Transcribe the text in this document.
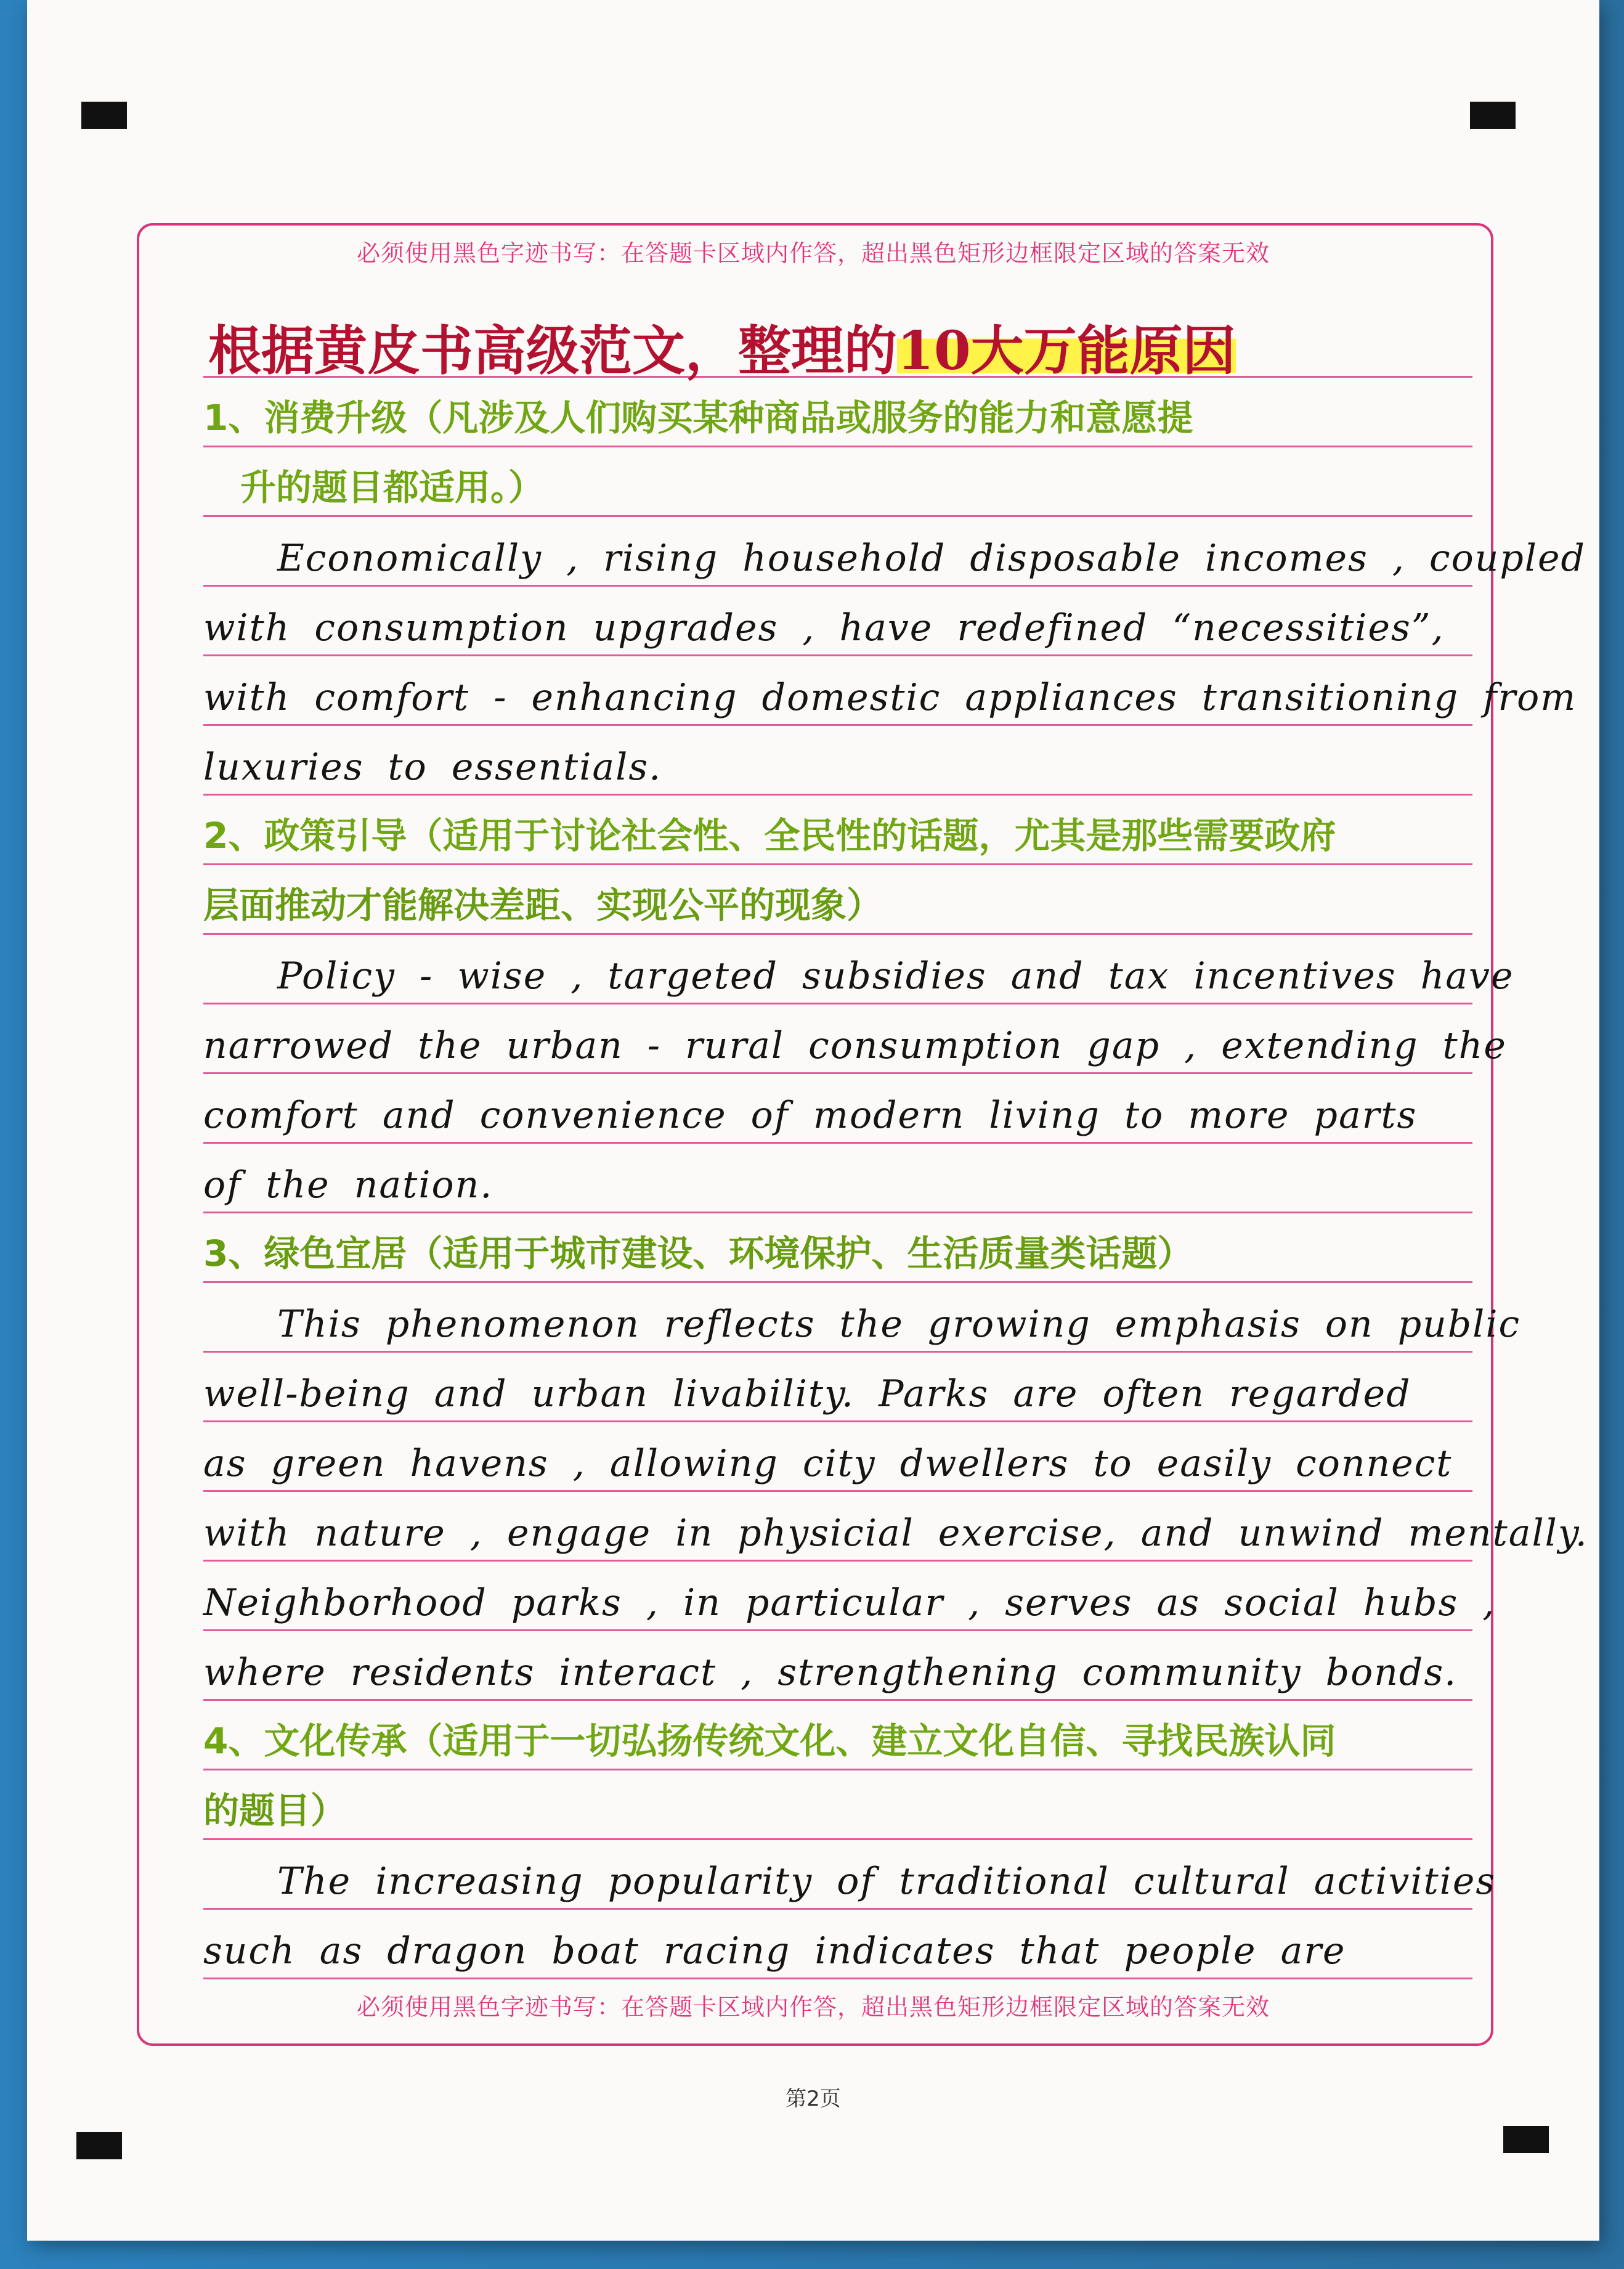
必须使用黑色字迹书写：在答题卡区域内作答，超出黑色矩形边框限定区域的答案无效
必须使用黑色字迹书写：在答题卡区域内作答，超出黑色矩形边框限定区域的答案无效
第2页
根据黄皮书高级范文，整理的10大万能原因
1、消费升级（凡涉及人们购买某种商品或服务的能力和意愿提
升的题目都适用。）
Economically , rising household disposable incomes , coupled
with consumption upgrades , have redefined “necessities”,
with comfort - enhancing domestic appliances transitioning from
luxuries to essentials.
2、政策引导（适用于讨论社会性、全民性的话题，尤其是那些需要政府
层面推动才能解决差距、实现公平的现象）
Policy - wise , targeted subsidies and tax incentives have
narrowed the urban - rural consumption gap , extending the
comfort and convenience of modern living to more parts
of the nation.
3、绿色宜居（适用于城市建设、环境保护、生活质量类话题）
This phenomenon reflects the growing emphasis on public
well-being and urban livability. Parks are often regarded
as green havens , allowing city dwellers to easily connect
with nature , engage in physicial exercise, and unwind mentally.
Neighborhood parks , in particular , serves as social hubs ,
where residents interact , strengthening community bonds.
4、文化传承（适用于一切弘扬传统文化、建立文化自信、寻找民族认同
的题目）
The increasing popularity of traditional cultural activities
such as dragon boat racing indicates that people are
